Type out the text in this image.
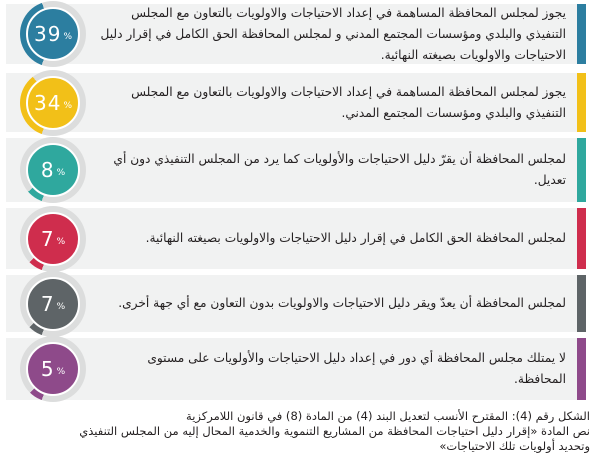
يجوز لمجلس المحافظة المساهمة في إعداد الاحتياجات والاولويات بالتعاون مع المجلس التنفيذي والبلدي ومؤسسات المجتمع المدني و لمجلس المحافظة الحق الكامل في إقرار دليل الاحتياجات والاولويات بصيغته النهائية.
39 %
يجوز لمجلس المحافظة المساهمة في إعداد الاحتياجات والاولويات بالتعاون مع المجلس التنفيذي والبلدي ومؤسسات المجتمع المدني.
34 %
لمجلس المحافظة أن يقرّ دليل الاحتياجات والأولويات كما يرد من المجلس التنفيذي دون أي تعديل.
8 %
لمجلس المحافظة الحق الكامل في إقرار دليل الاحتياجات والاولويات بصيغته النهائية.
7 %
لمجلس المحافظة أن يعدّ ويقر دليل الاحتياجات والاولويات بدون التعاون مع أي جهة أخرى.
7 %
لا يمتلك مجلس المحافظة أي دور في إعداد دليل الاحتياجات والأولويات على مستوى المحافظة.
5 %
الشكل رقم (4): المقترح الأنسب لتعديل البند (4) من المادة (8) في قانون اللامركزية
نص المادة «إقرار دليل احتياجات المحافظة من المشاريع التنموية والخدمية المحال إليه من المجلس التنفيذي
وتحديد أولويات تلك الاحتياجات»
